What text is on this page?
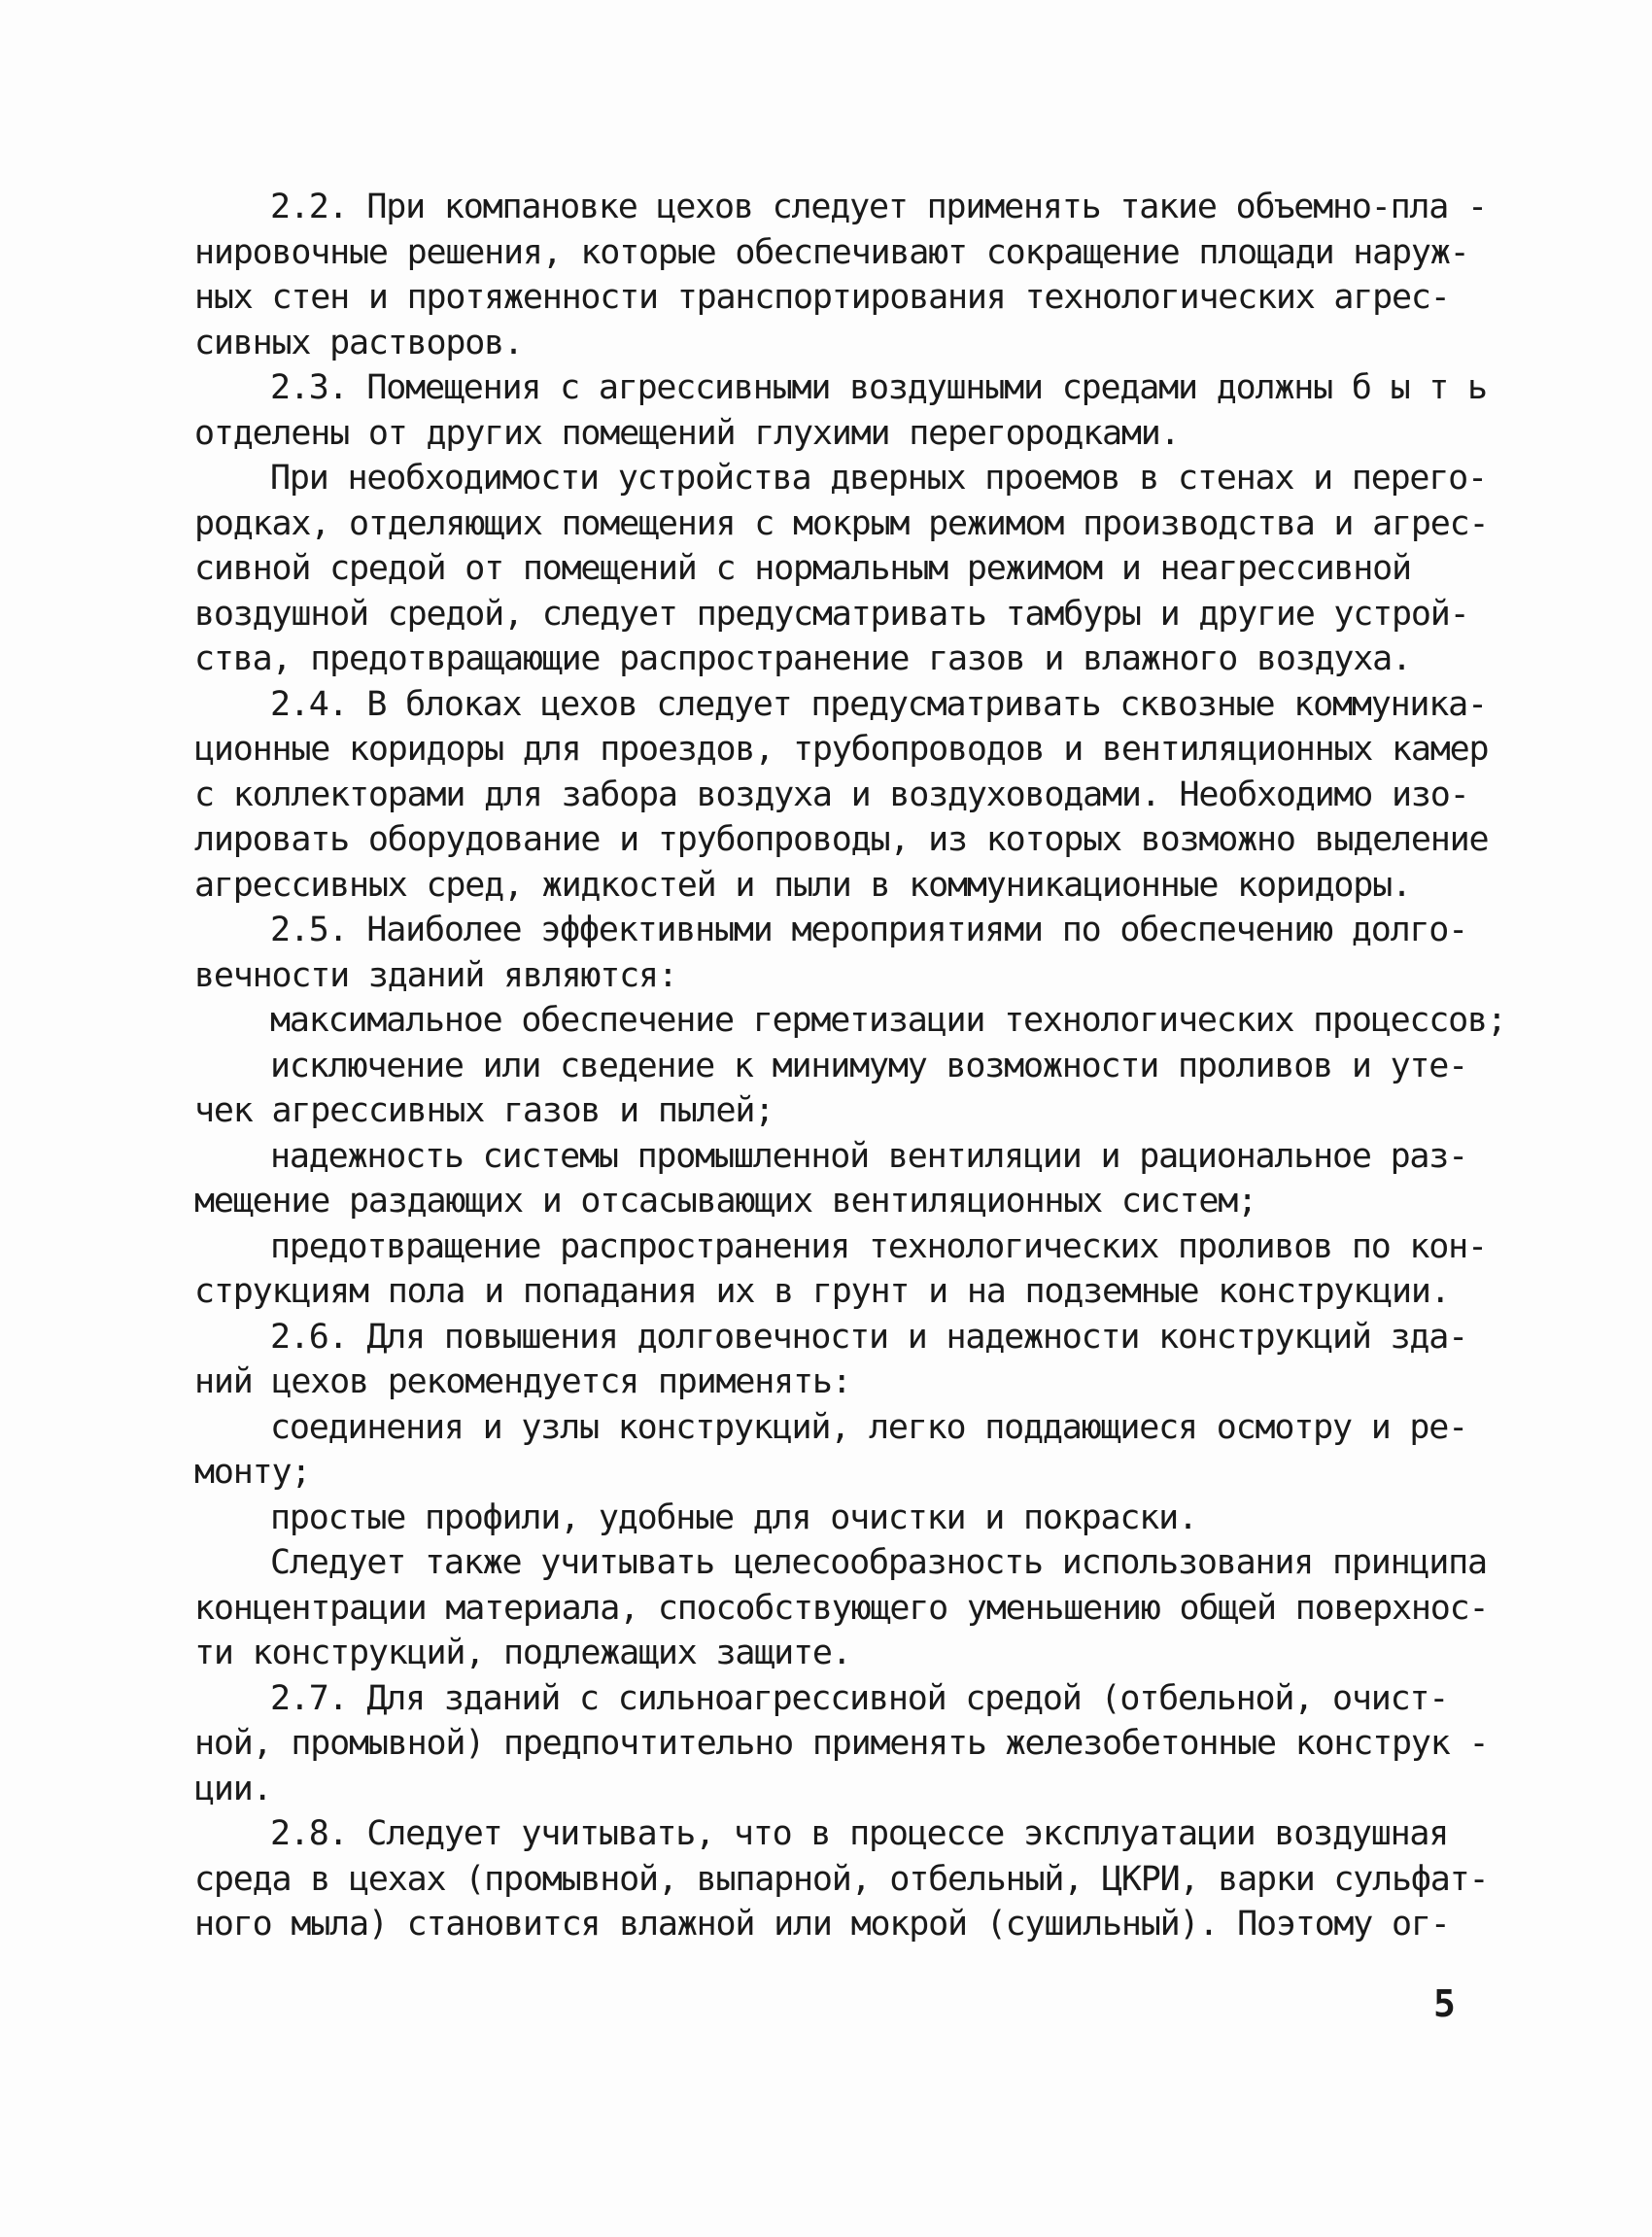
2.2. При компановке цехов следует применять такие объемно-пла -
нировочные решения, которые обеспечивают сокращение площади наруж-
ных стен и протяженности транспортирования технологических агрес-
сивных растворов.
2.3. Помещения с агрессивными воздушными средами должны б ы т ь
отделены от других помещений глухими перегородками.
При необходимости устройства дверных проемов в стенах и перего-
родках, отделяющих помещения с мокрым режимом производства и агрес-
сивной средой от помещений с нормальным режимом и неагрессивной
воздушной средой, следует предусматривать тамбуры и другие устрой-
ства, предотвращающие распространение газов и влажного воздуха.
2.4. В блоках цехов следует предусматривать сквозные коммуника-
ционные коридоры для проездов, трубопроводов и вентиляционных камер
с коллекторами для забора воздуха и воздуховодами. Необходимо изо-
лировать оборудование и трубопроводы, из которых возможно выделение
агрессивных сред, жидкостей и пыли в коммуникационные коридоры.
2.5. Наиболее эффективными мероприятиями по обеспечению долго-
вечности зданий являются:
максимальное обеспечение герметизации технологических процессов;
исключение или сведение к минимуму возможности проливов и уте-
чек агрессивных газов и пылей;
надежность системы промышленной вентиляции и рациональное раз-
мещение раздающих и отсасывающих вентиляционных систем;
предотвращение распространения технологических проливов по кон-
струкциям пола и попадания их в грунт и на подземные конструкции.
2.6. Для повышения долговечности и надежности конструкций зда-
ний цехов рекомендуется применять:
соединения и узлы конструкций, легко поддающиеся осмотру и ре-
монту;
простые профили, удобные для очистки и покраски.
Следует также учитывать целесообразность использования принципа
концентрации материала, способствующего уменьшению общей поверхнос-
ти конструкций, подлежащих защите.
2.7. Для зданий с сильноагрессивной средой (отбельной, очист-
ной, промывной) предпочтительно применять железобетонные конструк -
ции.
2.8. Следует учитывать, что в процессе эксплуатации воздушная
среда в цехах (промывной, выпарной, отбельный, ЦКРИ, варки сульфат-
ного мыла) становится влажной или мокрой (сушильный). Поэтому ог-
5
